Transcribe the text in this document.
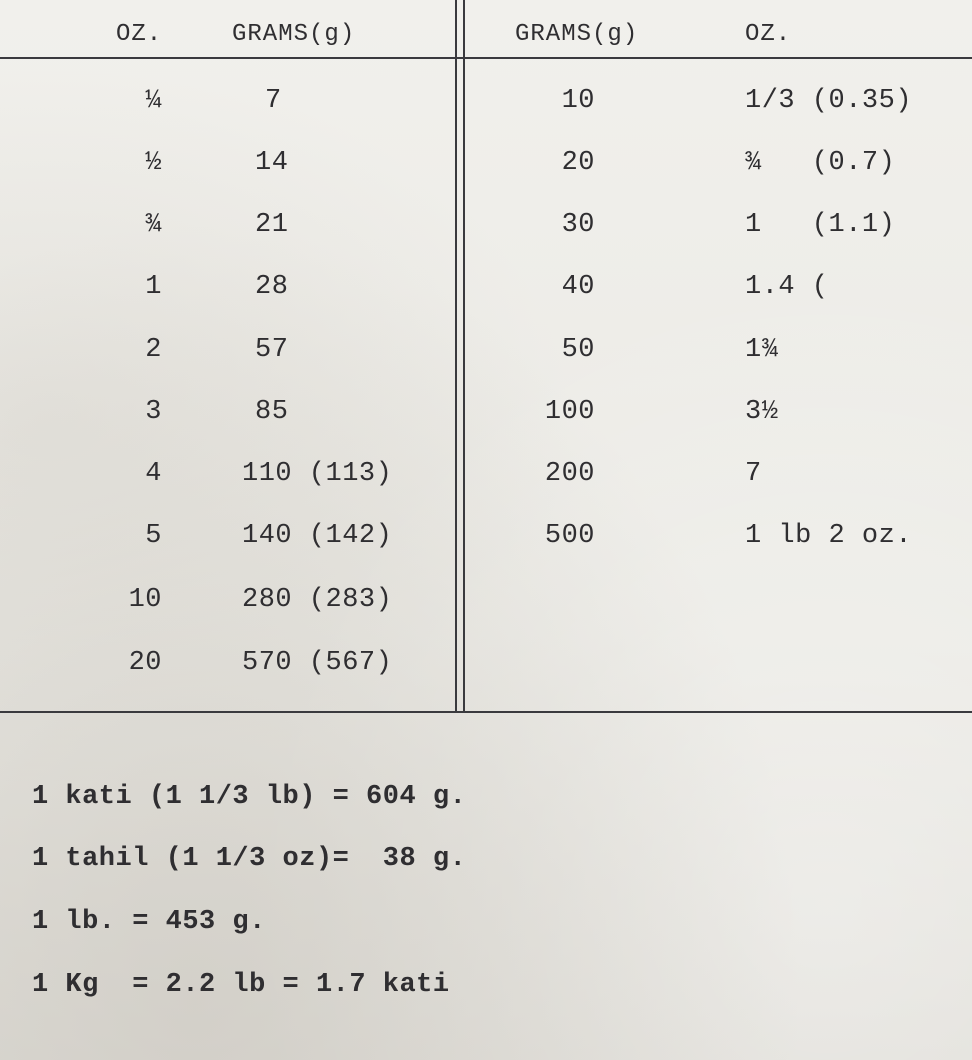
OZ.	GRAMS(g)	GRAMS(g)	OZ.
¼	7
½	14
¾	21
1	28
2	57
3	85
4	110 (113)
5	140 (142)
10	280 (283)
20	570 (567)
10	1/3 (0.35)
20	¾   (0.7)
30	1   (1.1)
40	1.4 (
50	1¾
100	3½
200	7
500	1 lb 2 oz.
1 kati (1 1/3 lb) = 604 g.
1 tahil (1 1/3 oz)=  38 g.
1 lb. = 453 g.
1 Kg  = 2.2 lb = 1.7 kati
